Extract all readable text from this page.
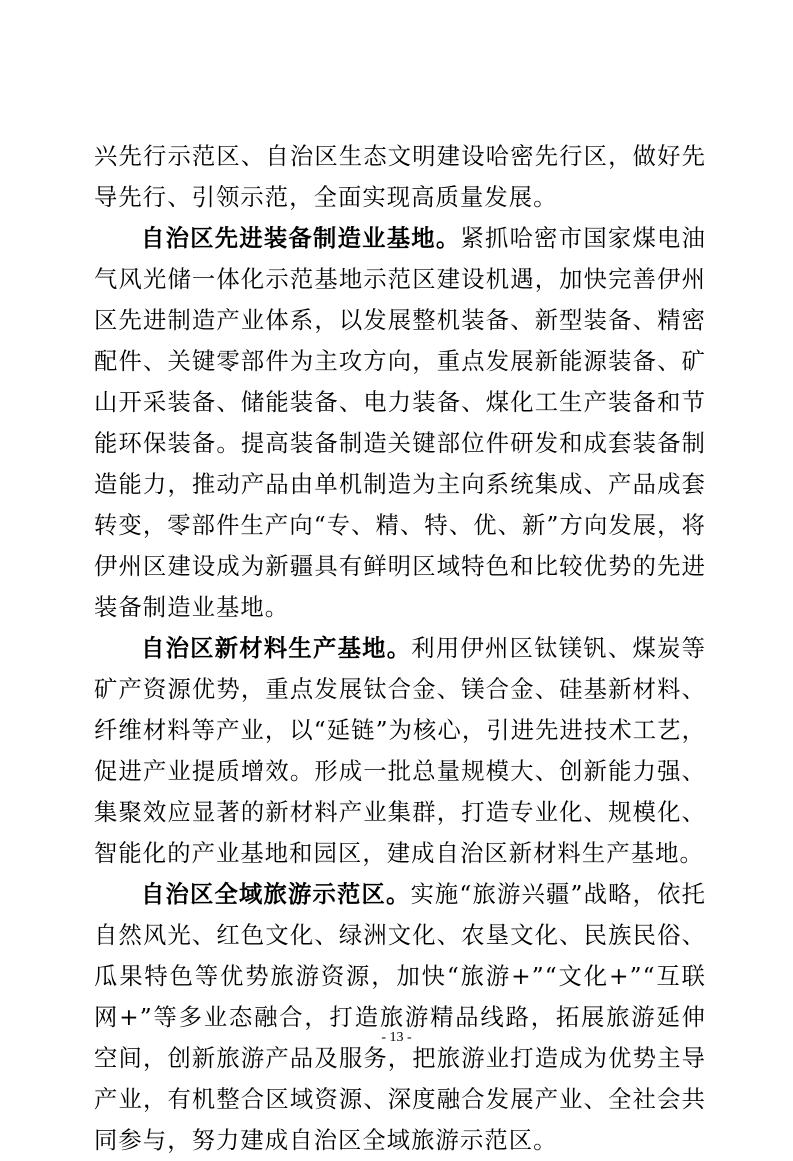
兴先行示范区、自治区生态文明建设哈密先行区，做好先导先行、引领示范，全面实现高质量发展。

自治区先进装备制造业基地。紧抓哈密市国家煤电油气风光储一体化示范基地示范区建设机遇，加快完善伊州区先进制造产业体系，以发展整机装备、新型装备、精密配件、关键零部件为主攻方向，重点发展新能源装备、矿山开采装备、储能装备、电力装备、煤化工生产装备和节能环保装备。提高装备制造关键部位件研发和成套装备制造能力，推动产品由单机制造为主向系统集成、产品成套转变，零部件生产向“专、精、特、优、新”方向发展，将伊州区建设成为新疆具有鲜明区域特色和比较优势的先进装备制造业基地。

自治区新材料生产基地。利用伊州区钛镁钒、煤炭等矿产资源优势，重点发展钛合金、镁合金、硅基新材料、纤维材料等产业，以“延链”为核心，引进先进技术工艺，促进产业提质增效。形成一批总量规模大、创新能力强、集聚效应显著的新材料产业集群，打造专业化、规模化、智能化的产业基地和园区，建成自治区新材料生产基地。

自治区全域旅游示范区。实施“旅游兴疆”战略，依托自然风光、红色文化、绿洲文化、农垦文化、民族民俗、瓜果特色等优势旅游资源，加快“旅游+”“文化+”“互联网+”等多业态融合，打造旅游精品线路，拓展旅游延伸空间，创新旅游产品及服务，把旅游业打造成为优势主导产业，有机整合区域资源、深度融合发展产业、全社会共同参与，努力建成自治区全域旅游示范区。

- 13 -
